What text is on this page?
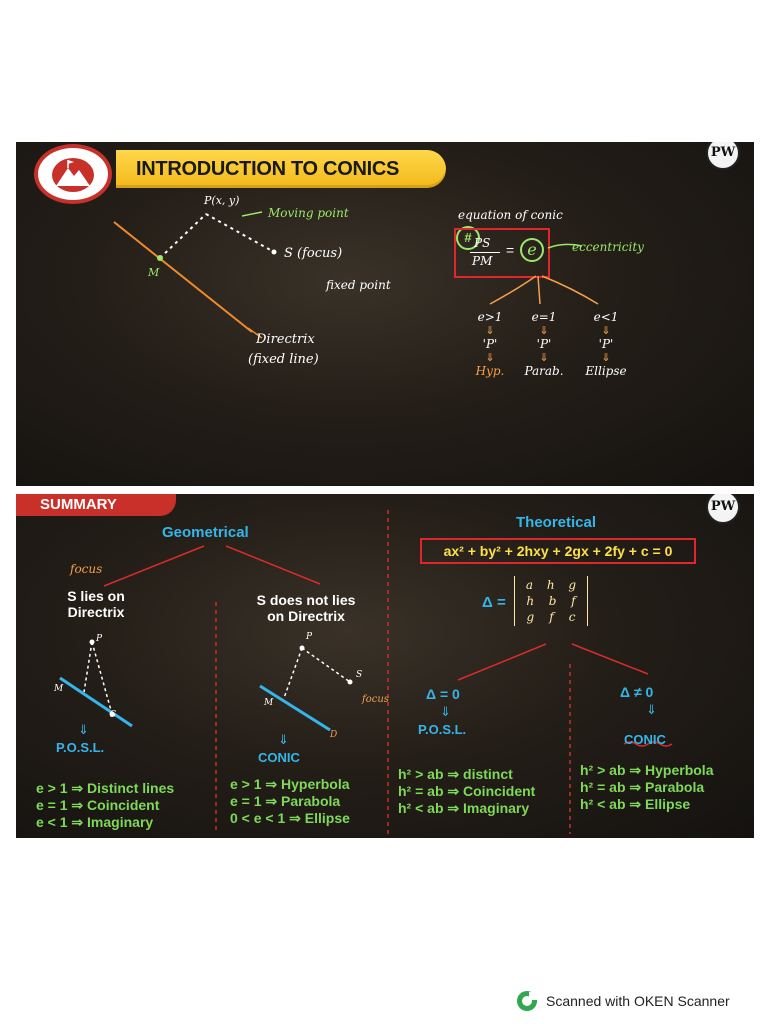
INTRODUCTION TO CONICS
PW
P(x, y)
Moving point
M
S (focus)
fixed point
Directrix
(fixed line)
equation of conic
# PS
PM
= e	eccentricity
e>1
⇓
'P'
⇓
Hyp.
e=1
⇓
'P'
⇓
Parab.
e<1
⇓
'P'
⇓
Ellipse
SUMMARY	PW
Geometrical
Theoretical
focus
S lies on
Directrix
P
M
S
⇓
P.O.S.L.
e > 1 ⇒ Distinct lines
e = 1 ⇒ Coincident
e < 1 ⇒ Imaginary
S does not lies
on Directrix
P
M
S
D
focus
⇓
CONIC
e > 1 ⇒ Hyperbola
e = 1 ⇒ Parabola
0 < e < 1 ⇒ Ellipse
ax² + by² + 2hxy + 2gx + 2fy + c = 0
Δ =
a h g
h b f
g f c
Δ = 0
⇓
P.O.S.L.
h² > ab ⇒ distinct
h² = ab ⇒ Coincident
h² < ab ⇒ Imaginary
Δ ≠ 0
⇓
CONIC
h² > ab ⇒ Hyperbola
h² = ab ⇒ Parabola
h² < ab ⇒ Ellipse
Scanned with OKEN Scanner
